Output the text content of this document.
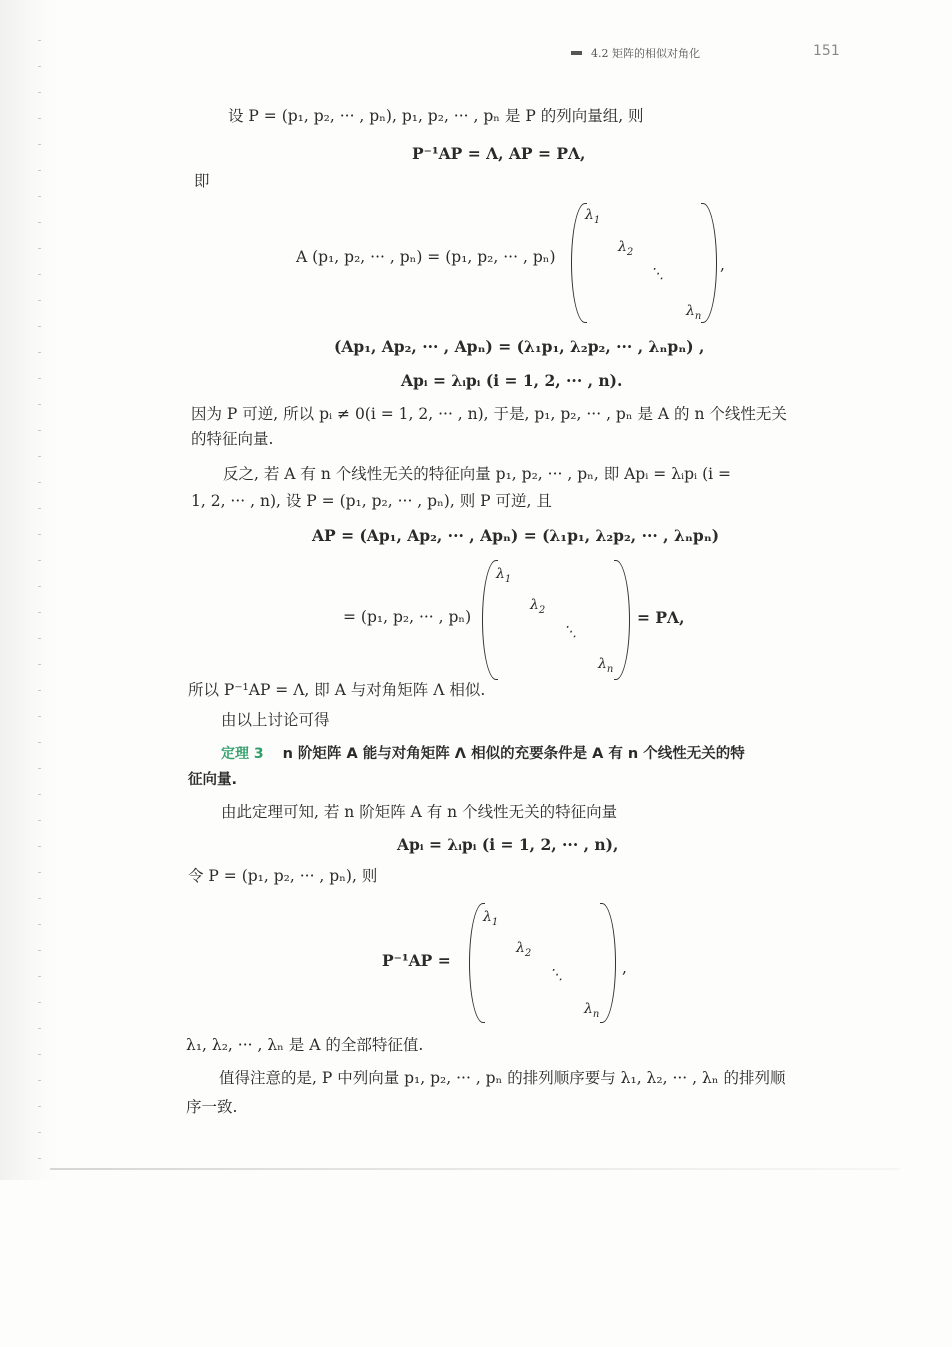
4.2 矩阵的相似对角化	151
设 P = (p₁, p₂, ··· , pₙ), p₁, p₂, ··· , pₙ 是 P 的列向量组, 则
P⁻¹AP = Λ, AP = PΛ,
即
A (p₁, p₂, ··· , pₙ) = (p₁, p₂, ··· , pₙ)
$\lambda_1$
$\lambda_2$
⋱
$\lambda_n$
,
(Ap₁, Ap₂, ··· , Apₙ) = (λ₁p₁, λ₂p₂, ··· , λₙpₙ) ,
Apᵢ = λᵢpᵢ (i = 1, 2, ··· , n).
因为 P 可逆, 所以 pᵢ ≠ 0(i = 1, 2, ··· , n), 于是, p₁, p₂, ··· , pₙ 是 A 的 n 个线性无关
的特征向量.
反之, 若 A 有 n 个线性无关的特征向量 p₁, p₂, ··· , pₙ, 即 Apᵢ = λᵢpᵢ (i =
1, 2, ··· , n), 设 P = (p₁, p₂, ··· , pₙ), 则 P 可逆, 且
AP = (Ap₁, Ap₂, ··· , Apₙ) = (λ₁p₁, λ₂p₂, ··· , λₙpₙ)
= (p₁, p₂, ··· , pₙ)
$\lambda_1$
$\lambda_2$
⋱
$\lambda_n$
= PΛ,
所以 P⁻¹AP = Λ, 即 A 与对角矩阵 Λ 相似.
由以上讨论可得
定理 3 n 阶矩阵 A 能与对角矩阵 Λ 相似的充要条件是 A 有 n 个线性无关的特
征向量.
由此定理可知, 若 n 阶矩阵 A 有 n 个线性无关的特征向量
Apᵢ = λᵢpᵢ (i = 1, 2, ··· , n),
令 P = (p₁, p₂, ··· , pₙ), 则
P⁻¹AP =
$\lambda_1$
$\lambda_2$
⋱
$\lambda_n$
,
λ₁, λ₂, ··· , λₙ 是 A 的全部特征值.
值得注意的是, P 中列向量 p₁, p₂, ··· , pₙ 的排列顺序要与 λ₁, λ₂, ··· , λₙ 的排列顺
序一致.
